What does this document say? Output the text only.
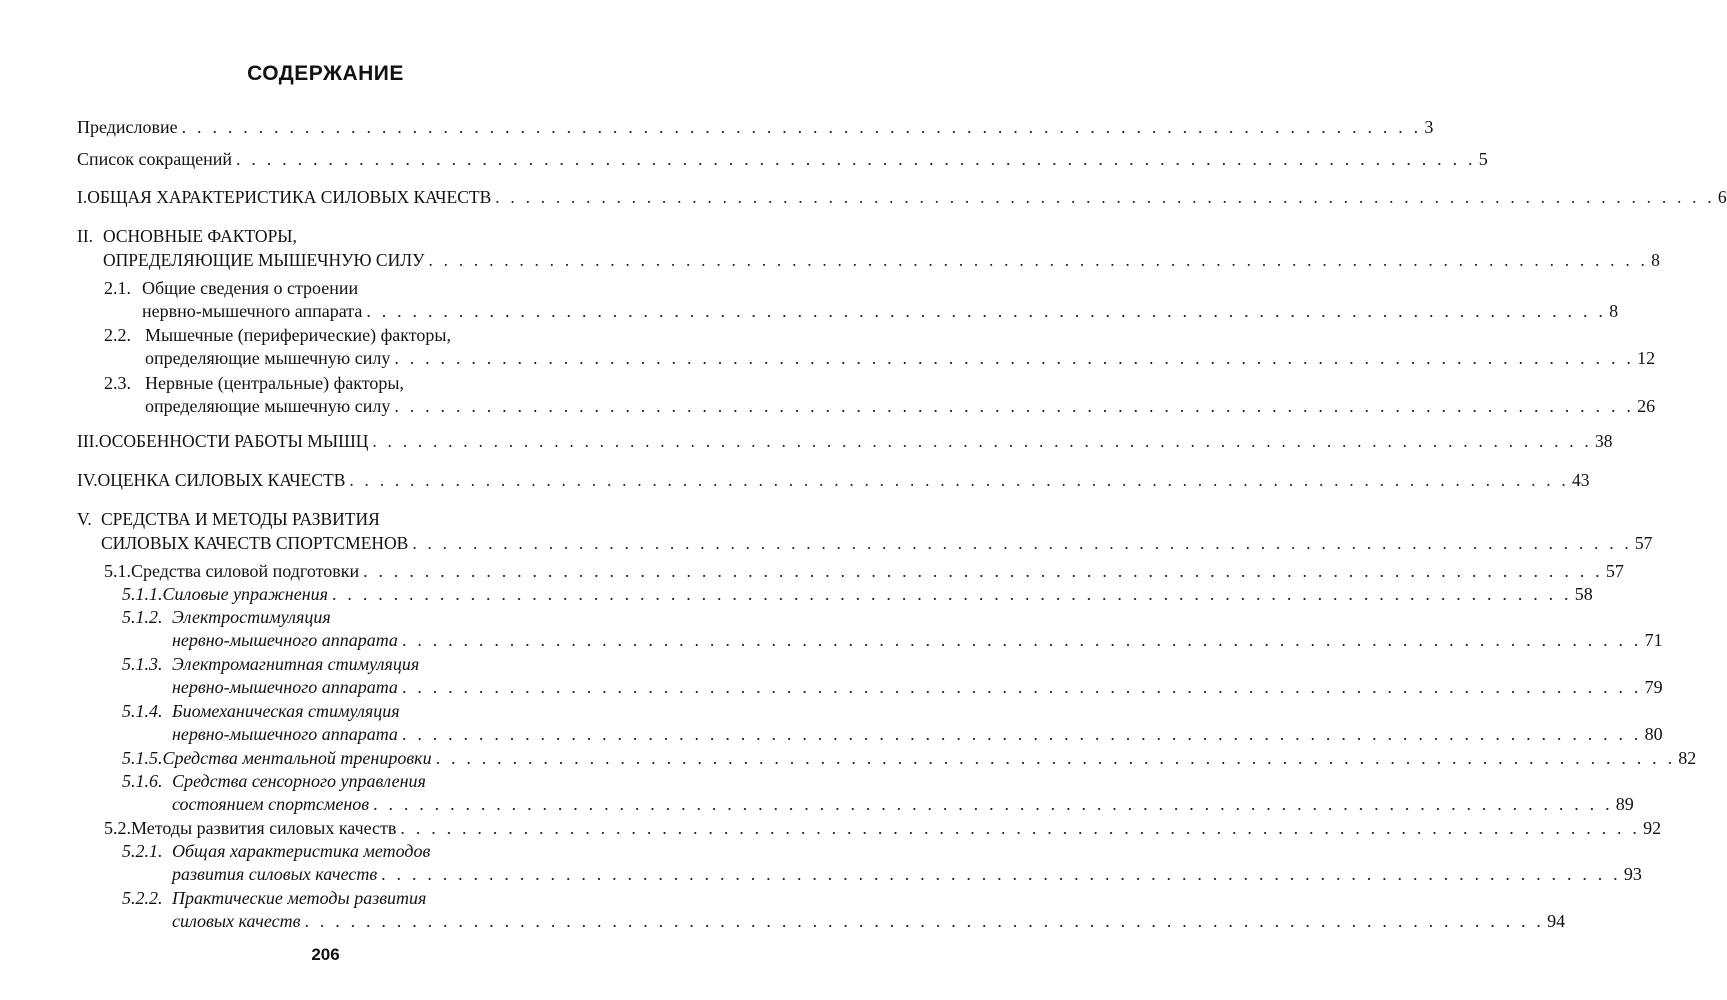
СОДЕРЖАНИЕ
Предисловие . . . . . . . . . . . . . . . . . . . . . . . . . . . . . . . . . . . . . . . . . . . . . . . . . . . . . . . . . . . . . . . . . . . . . . . . . . . . . . . . . 3
Список сокращений . . . . . . . . . . . . . . . . . . . . . . . . . . . . . . . . . . . . . . . . . . . . . . . . . . . . . . . . . . . . . . . . . . . . . . . . . . . . . . . . . 5
I. ОБЩАЯ ХАРАКТЕРИСТИКА СИЛОВЫХ КАЧЕСТВ . . . . . . . . . . . . . . . . . . . . . . . . . . . . . . . . . . . . . . . . . . . . . . . . . . . . . . . . . . . . . . . . . . . . . . . . . . . . . . . . . 6
II. ОСНОВНЫЕ ФАКТОРЫ,
ОПРЕДЕЛЯЮЩИЕ МЫШЕЧНУЮ СИЛУ . . . . . . . . . . . . . . . . . . . . . . . . . . . . . . . . . . . . . . . . . . . . . . . . . . . . . . . . . . . . . . . . . . . . . . . . . . . . . . . . . 8
2.1. Общие сведения о строении
нервно-мышечного аппарата . . . . . . . . . . . . . . . . . . . . . . . . . . . . . . . . . . . . . . . . . . . . . . . . . . . . . . . . . . . . . . . . . . . . . . . . . . . . . . . . . 8
2.2. Мышечные (периферические) факторы,
определяющие мышечную силу . . . . . . . . . . . . . . . . . . . . . . . . . . . . . . . . . . . . . . . . . . . . . . . . . . . . . . . . . . . . . . . . . . . . . . . . . . . . . . . . . 12
2.3. Нервные (центральные) факторы,
определяющие мышечную силу . . . . . . . . . . . . . . . . . . . . . . . . . . . . . . . . . . . . . . . . . . . . . . . . . . . . . . . . . . . . . . . . . . . . . . . . . . . . . . . . . 26
III. ОСОБЕННОСТИ РАБОТЫ МЫШЦ . . . . . . . . . . . . . . . . . . . . . . . . . . . . . . . . . . . . . . . . . . . . . . . . . . . . . . . . . . . . . . . . . . . . . . . . . . . . . . . . . 38
IV. ОЦЕНКА СИЛОВЫХ КАЧЕСТВ . . . . . . . . . . . . . . . . . . . . . . . . . . . . . . . . . . . . . . . . . . . . . . . . . . . . . . . . . . . . . . . . . . . . . . . . . . . . . . . . . 43
V. СРЕДСТВА И МЕТОДЫ РАЗВИТИЯ
СИЛОВЫХ КАЧЕСТВ СПОРТСМЕНОВ . . . . . . . . . . . . . . . . . . . . . . . . . . . . . . . . . . . . . . . . . . . . . . . . . . . . . . . . . . . . . . . . . . . . . . . . . . . . . . . . . 57
5.1. Средства силовой подготовки . . . . . . . . . . . . . . . . . . . . . . . . . . . . . . . . . . . . . . . . . . . . . . . . . . . . . . . . . . . . . . . . . . . . . . . . . . . . . . . . . 57
5.1.1. Силовые упражнения . . . . . . . . . . . . . . . . . . . . . . . . . . . . . . . . . . . . . . . . . . . . . . . . . . . . . . . . . . . . . . . . . . . . . . . . . . . . . . . . . 58
5.1.2. Электростимуляция
нервно-мышечного аппарата . . . . . . . . . . . . . . . . . . . . . . . . . . . . . . . . . . . . . . . . . . . . . . . . . . . . . . . . . . . . . . . . . . . . . . . . . . . . . . . . . 71
5.1.3. Электромагнитная стимуляция
нервно-мышечного аппарата . . . . . . . . . . . . . . . . . . . . . . . . . . . . . . . . . . . . . . . . . . . . . . . . . . . . . . . . . . . . . . . . . . . . . . . . . . . . . . . . . 79
5.1.4. Биомеханическая стимуляция
нервно-мышечного аппарата . . . . . . . . . . . . . . . . . . . . . . . . . . . . . . . . . . . . . . . . . . . . . . . . . . . . . . . . . . . . . . . . . . . . . . . . . . . . . . . . . 80
5.1.5. Средства ментальной тренировки . . . . . . . . . . . . . . . . . . . . . . . . . . . . . . . . . . . . . . . . . . . . . . . . . . . . . . . . . . . . . . . . . . . . . . . . . . . . . . . . . 82
5.1.6. Средства сенсорного управления
состоянием спортсменов . . . . . . . . . . . . . . . . . . . . . . . . . . . . . . . . . . . . . . . . . . . . . . . . . . . . . . . . . . . . . . . . . . . . . . . . . . . . . . . . . 89
5.2. Методы развития силовых качеств . . . . . . . . . . . . . . . . . . . . . . . . . . . . . . . . . . . . . . . . . . . . . . . . . . . . . . . . . . . . . . . . . . . . . . . . . . . . . . . . . 92
5.2.1. Общая характеристика методов
развития силовых качеств . . . . . . . . . . . . . . . . . . . . . . . . . . . . . . . . . . . . . . . . . . . . . . . . . . . . . . . . . . . . . . . . . . . . . . . . . . . . . . . . . 93
5.2.2. Практические методы развития
силовых качеств . . . . . . . . . . . . . . . . . . . . . . . . . . . . . . . . . . . . . . . . . . . . . . . . . . . . . . . . . . . . . . . . . . . . . . . . . . . . . . . . . 94
206
